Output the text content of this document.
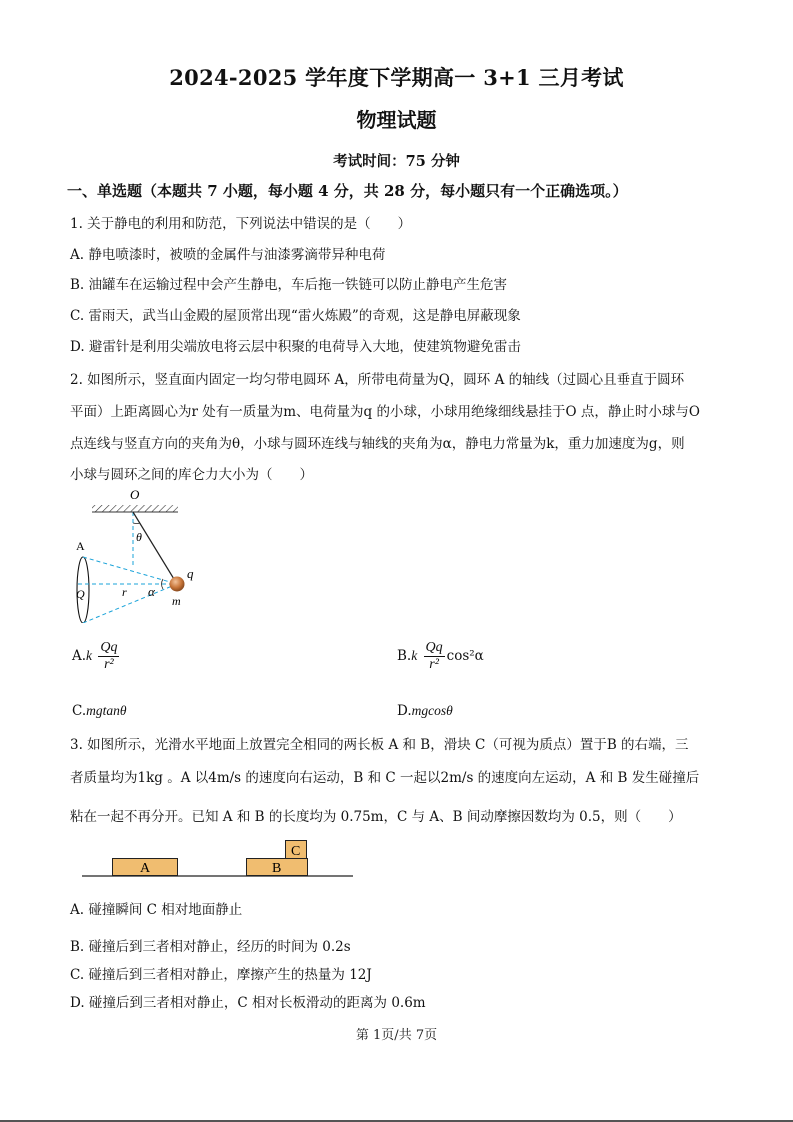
2024-2025 学年度下学期高一 3+1 三月考试
物理试题
考试时间：75 分钟
一、单选题（本题共 7 小题，每小题 4 分，共 28 分，每小题只有一个正确选项。）
1. 关于静电的利用和防范，下列说法中错误的是（　　）
A. 静电喷漆时，被喷的金属件与油漆雾滴带异种电荷
B. 油罐车在运输过程中会产生静电，车后拖一铁链可以防止静电产生危害
C. 雷雨天，武当山金殿的屋顶常出现“雷火炼殿”的奇观，这是静电屏蔽现象
D. 避雷针是利用尖端放电将云层中积聚的电荷导入大地，使建筑物避免雷击
2. 如图所示，竖直面内固定一均匀带电圆环 A，所带电荷量为Q，圆环 A 的轴线（过圆心且垂直于圆环
平面）上距离圆心为r 处有一质量为m、电荷量为q 的小球，小球用绝缘细线悬挂于O 点，静止时小球与O
点连线与竖直方向的夹角为θ，小球与圆环连线与轴线的夹角为α，静电力常量为k，重力加速度为g，则
小球与圆环之间的库仑力大小为（　　）
O
θ
A
Q	r α
q
m
$A.k \frac{Qq}{\text{r²}}$	$B.k \frac{Qq}{\text{r²}} \cos^2\alpha$
C.mgtanθ	D.mgcosθ
3. 如图所示，光滑水平地面上放置完全相同的两长板 A 和 B，滑块 C（可视为质点）置于B 的右端，三
者质量均为1kg 。A 以4m/s 的速度向右运动，B 和 C 一起以2m/s 的速度向左运动，A 和 B 发生碰撞后
粘在一起不再分开。已知 A 和 B 的长度均为 0.75m，C 与 A、B 间动摩擦因数均为 0.5，则（　　）
A	B
C
A. 碰撞瞬间 C 相对地面静止
B. 碰撞后到三者相对静止，经历的时间为 0.2s
C. 碰撞后到三者相对静止，摩擦产生的热量为 12J
D. 碰撞后到三者相对静止，C 相对长板滑动的距离为 0.6m
第 1页/共 7页
